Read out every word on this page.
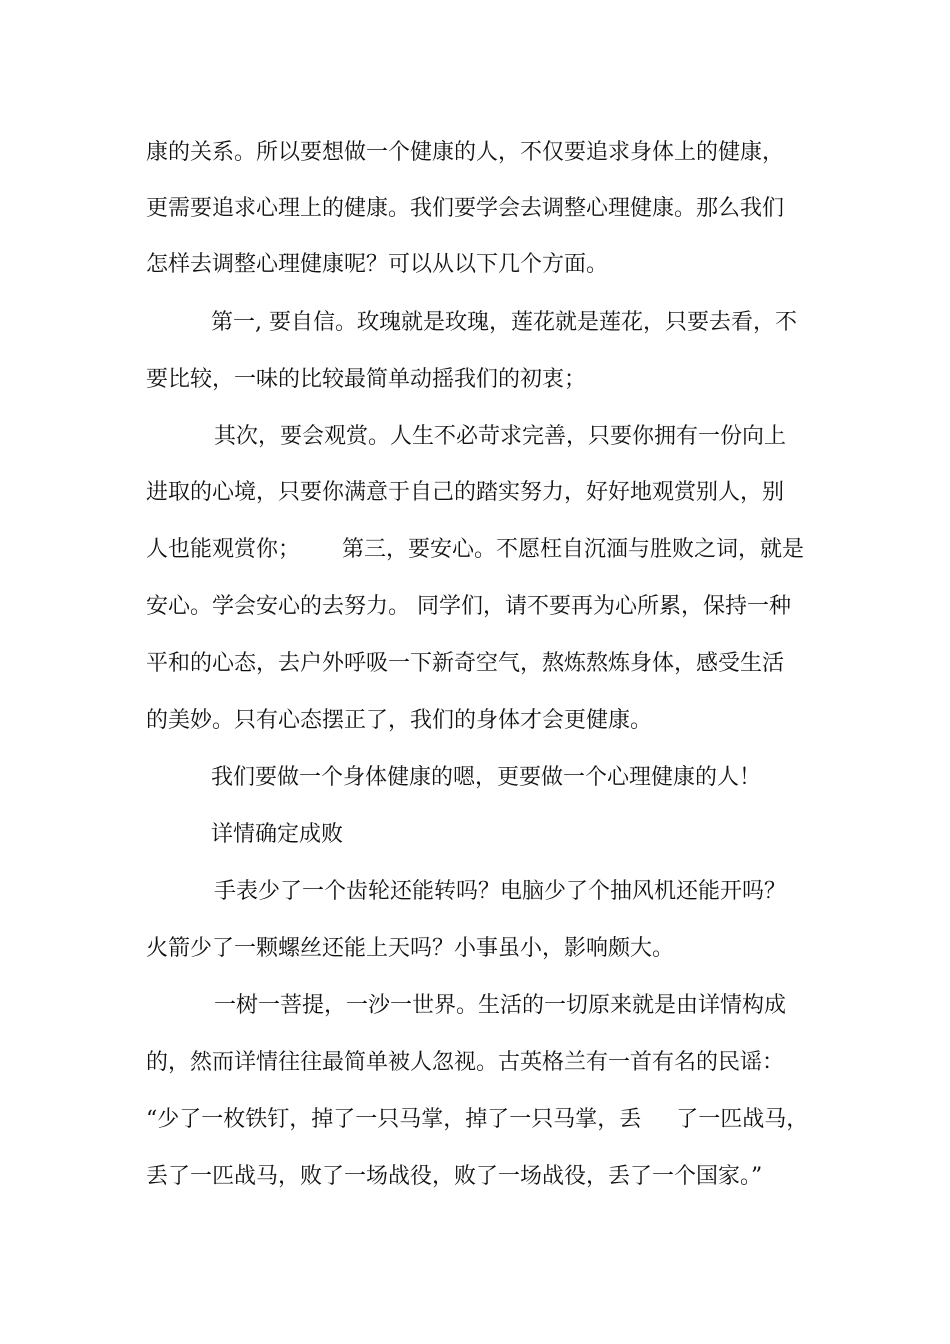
康的关系。所以要想做一个健康的人，不仅要追求身体上的健康，
更需要追求心理上的健康。我们要学会去调整心理健康。那么我们
怎样去调整心理健康呢？可以从以下几个方面。
第一, 要自信。玫瑰就是玫瑰，莲花就是莲花，只要去看，不
要比较，一味的比较最简单动摇我们的初衷；
其次，要会观赏。人生不必苛求完善，只要你拥有一份向上
进取的心境，只要你满意于自己的踏实努力，好好地观赏别人，别
人也能观赏你；      第三，要安心。不愿枉自沉湎与胜败之词，就是
安心。学会安心的去努力。 同学们，请不要再为心所累，保持一种
平和的心态，去户外呼吸一下新奇空气，熬炼熬炼身体，感受生活
的美妙。只有心态摆正了，我们的身体才会更健康。
我们要做一个身体健康的嗯，更要做一个心理健康的人！
详情确定成败
手表少了一个齿轮还能转吗？电脑少了个抽风机还能开吗？
火箭少了一颗螺丝还能上天吗？小事虽小，影响颇大。
一树一菩提，一沙一世界。生活的一切原来就是由详情构成
的，然而详情往往最简单被人忽视。古英格兰有一首有名的民谣：
“少了一枚铁钉，掉了一只马掌，掉了一只马掌，丢     了一匹战马，
丢了一匹战马，败了一场战役，败了一场战役，丢了一个国家。”
